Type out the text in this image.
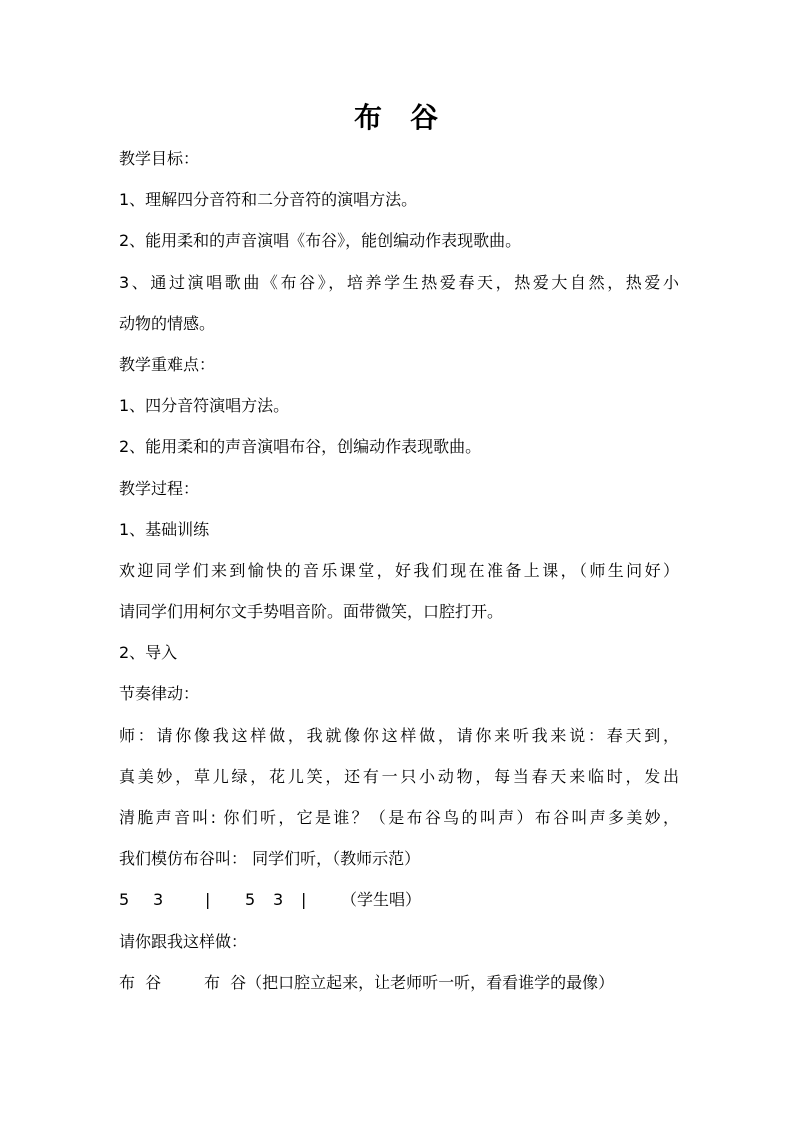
布 谷
教学目标：
1、理解四分音符和二分音符的演唱方法。
2、能用柔和的声音演唱《布谷》，能创编动作表现歌曲。
3、通过演唱歌曲《布谷》，培养学生热爱春天，热爱大自然，热爱小
动物的情感。
教学重难点：
1、四分音符演唱方法。
2、能用柔和的声音演唱布谷，创编动作表现歌曲。
教学过程：
1、基础训练
欢迎同学们来到愉快的音乐课堂，好我们现在准备上课，（师生问好）
请同学们用柯尔文手势唱音阶。面带微笑，口腔打开。
2、导入
节奏律动：
师：请你像我这样做，我就像你这样做，请你来听我来说：春天到，
真美妙，草儿绿，花儿笑，还有一只小动物，每当春天来临时，发出
清脆声音叫: 你们听，它是谁？（是布谷鸟的叫声）布谷叫声多美妙，
我们模仿布谷叫： 同学们听，（教师示范）
5 3	| 5 3 | （学生唱）
请你跟我这样做：
布  谷	布  谷（把口腔立起来，让老师听一听，看看谁学的最像）
